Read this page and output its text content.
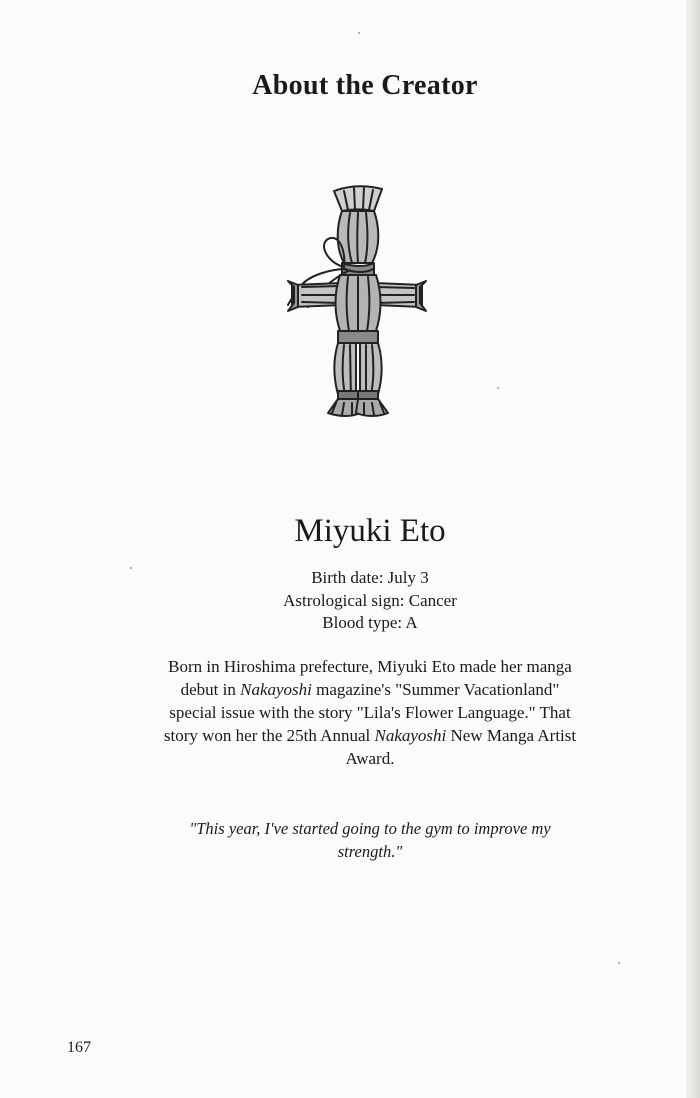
About the Creator
Miyuki Eto
Birth date: July 3
Astrological sign: Cancer
Blood type: A
Born in Hiroshima prefecture, Miyuki Eto made her manga debut in Nakayoshi magazine's "Summer Vacationland" special issue with the story "Lila's Flower Language." That story won her the 25th Annual Nakayoshi New Manga Artist Award.
"This year, I've started going to the gym to improve my strength."
167
